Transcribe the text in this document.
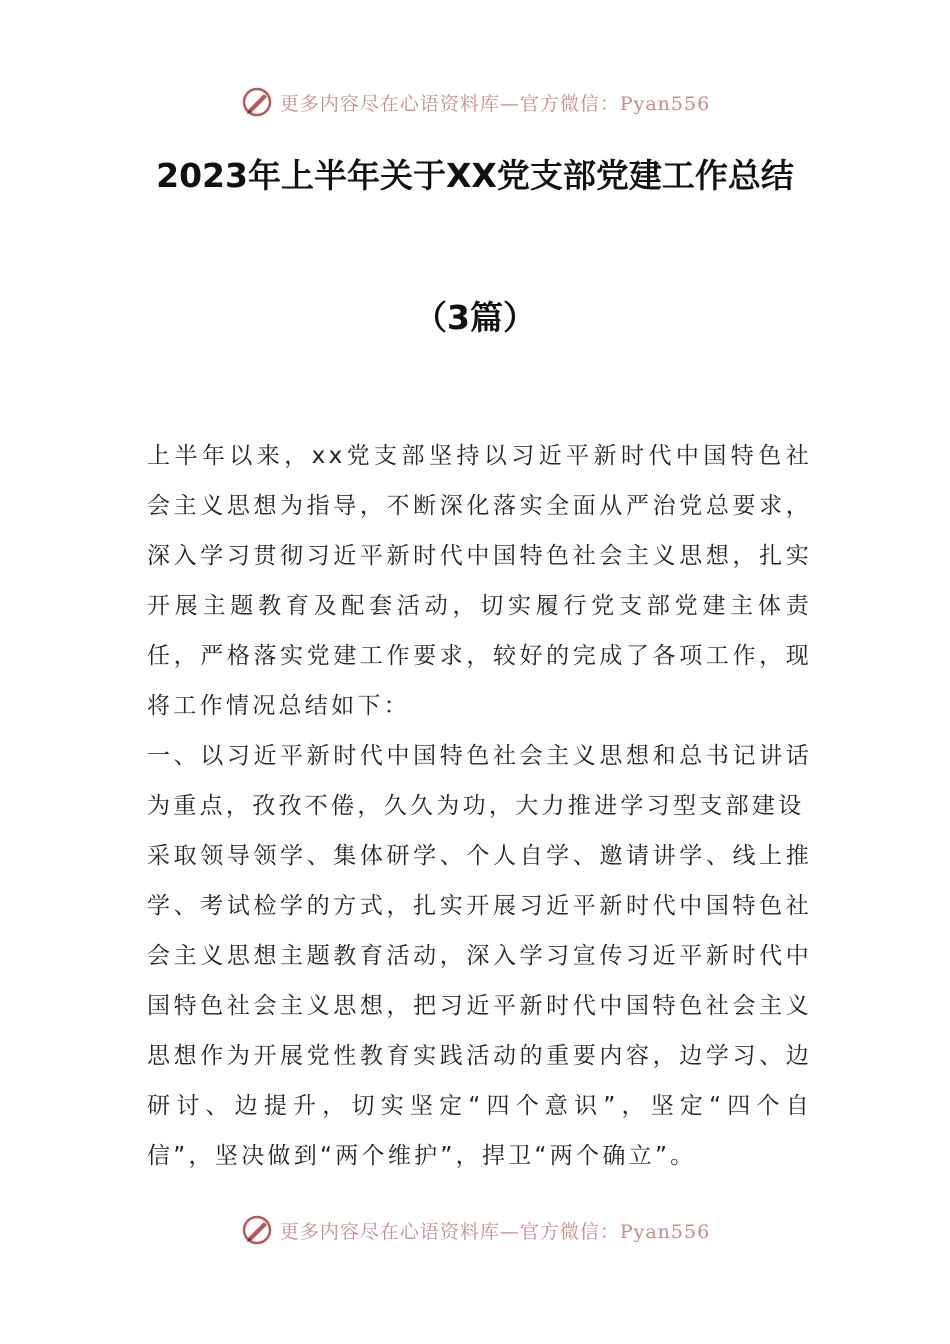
更多内容尽在心语资料库—官方微信：Pyan556
2023年上半年关于XX党支部党建工作总结
（3篇）

上半年以来，xx党支部坚持以习近平新时代中国特色社会主义思想为指导，不断深化落实全面从严治党总要求，深入学习贯彻习近平新时代中国特色社会主义思想，扎实开展主题教育及配套活动，切实履行党支部党建主体责任，严格落实党建工作要求，较好的完成了各项工作，现将工作情况总结如下：

一、以习近平新时代中国特色社会主义思想和总书记讲话为重点，孜孜不倦，久久为功，大力推进学习型支部建设

采取领导领学、集体研学、个人自学、邀请讲学、线上推学、考试检学的方式，扎实开展习近平新时代中国特色社会主义思想主题教育活动，深入学习宣传习近平新时代中国特色社会主义思想，把习近平新时代中国特色社会主义思想作为开展党性教育实践活动的重要内容，边学习、边研讨、边提升，切实坚定“四个意识”，坚定“四个自信”，坚决做到“两个维护”，捍卫“两个确立”。

更多内容尽在心语资料库—官方微信：Pyan556
